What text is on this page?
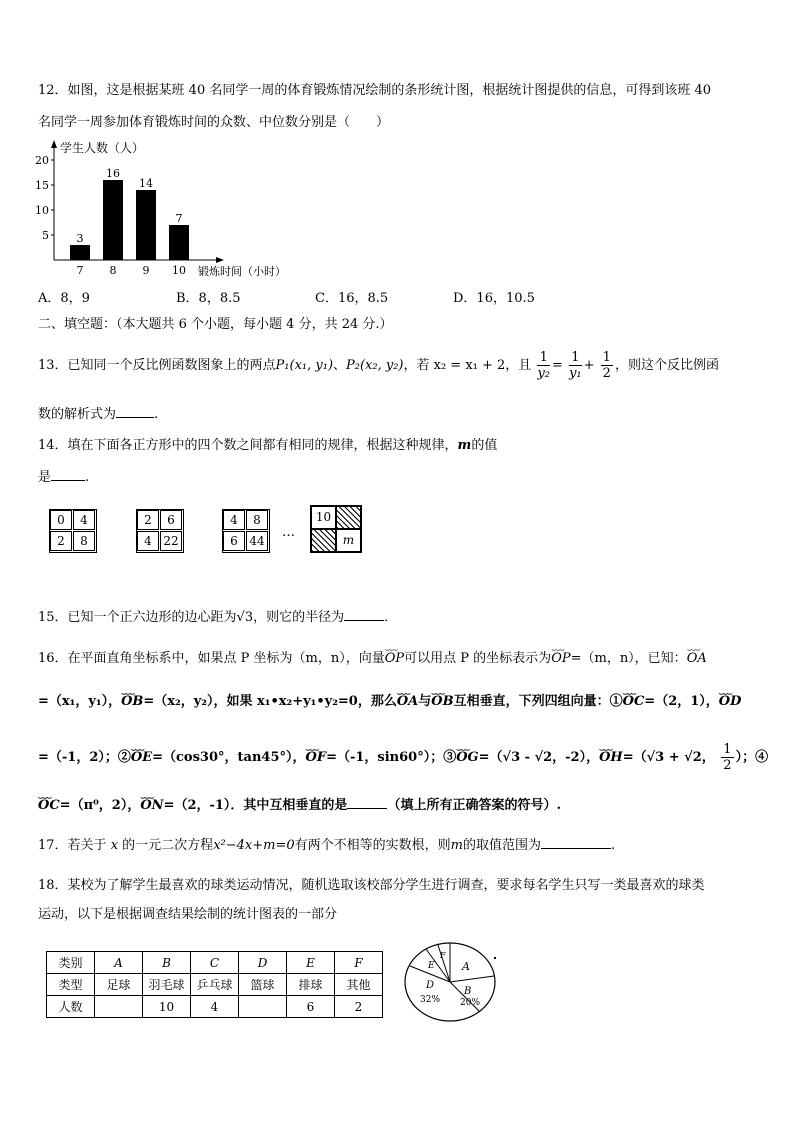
12．如图，这是根据某班 40 名同学一周的体育锻炼情况绘制的条形统计图，根据统计图提供的信息，可得到该班 40
名同学一周参加体育锻炼时间的众数、中位数分别是（　　）
学生人数（人）
锻炼时间（小时）
5
10
15
20
3
7
16
8
14
9
7
10
A．8，9	B．8，8.5	C．16，8.5	D．16，10.5
二、填空题：（本大题共 6 个小题，每小题 4 分，共 24 分.）
13．已知同一个反比例函数图象上的两点P₁(x₁, y₁)、P₂(x₂, y₂)，若 x₂ = x₁ + 2，且 $\frac{1}{\text{y₂}} = \frac{1}{\text{y₁}} + \frac{1}{2}$ ，则这个反比例函
数的解析式为	.
14．填在下面各正方形中的四个数之间都有相同的规律，根据这种规律，m的值
是	.
0	4
2	8
2	6
4 22
4	8
6 44
…
10
m
15．已知一个正六边形的边心距为√3，则它的半径为	．
16．在平面直角坐标系中，如果点 P 坐标为（m，n），向量⌣⌣⌣ OP可以用点 P 的坐标表示为⌣⌣⌣ OP=（m，n），已知：⌣⌣⌣ OA
=（x₁，y₁），⌣⌣⌣ OB=（x₂，y₂），如果 x₁•x₂+y₁•y₂=0，那么⌣⌣⌣ OA与⌣⌣⌣ OB互相垂直，下列四组向量：①⌣⌣⌣ OC=（2，1），⌣⌣⌣ OD
=（-1，2）；②⌣⌣⌣ OE=（cos30°，tan45°），⌣⌣⌣ OF=（-1，sin60°）；③⌣⌣⌣ OG=（√3 - √2，-2），⌣⌣⌣ OH=（√3 + √2， $\frac{1}{2}$ ）；④
⌣⌣⌣ OC=（π⁰，2），⌣⌣⌣ ON=（2，-1）．其中互相垂直的是	（填上所有正确答案的符号）.
17．若关于 x 的一元二次方程x²−4x+m=0有两个不相等的实数根，则m的取值范围为	.
18．某校为了解学生最喜欢的球类运动情况，随机选取该校部分学生进行调查，要求每名学生只写一类最喜欢的球类
运动，以下是根据调查结果绘制的统计图表的一部分
类别	A	B	C	D	E	F
类型	足球	羽毛球	乒乓球	篮球	排球	其他
人数		10	4		6	2
A
B
20%
D
32%
E
F
